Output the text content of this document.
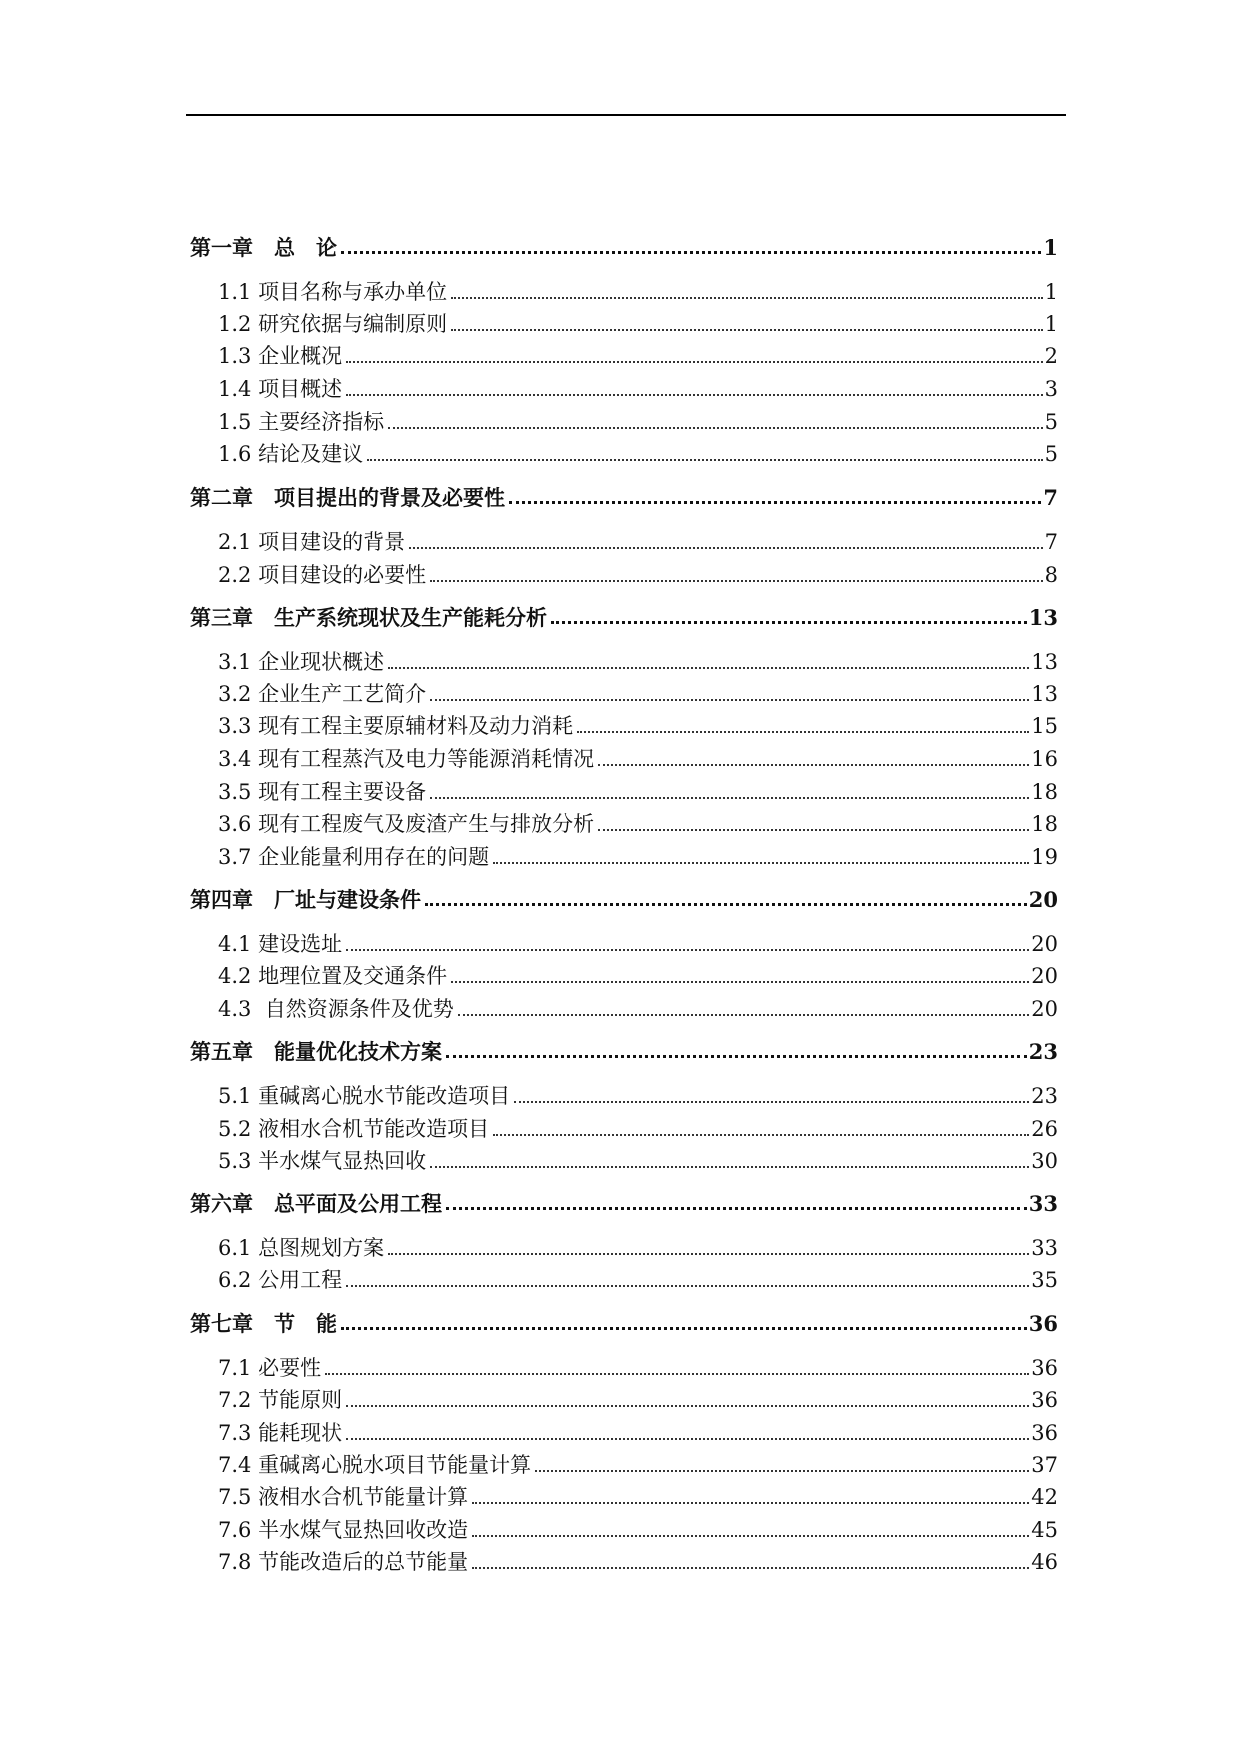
第一章　总　论	1
1.1 项目名称与承办单位	1
1.2 研究依据与编制原则	1
1.3 企业概况	2
1.4 项目概述	3
1.5 主要经济指标	5
1.6 结论及建议	5
第二章　项目提出的背景及必要性	7
2.1 项目建设的背景	7
2.2 项目建设的必要性	8
第三章　生产系统现状及生产能耗分析	13
3.1 企业现状概述	13
3.2 企业生产工艺简介	13
3.3 现有工程主要原辅材料及动力消耗	15
3.4 现有工程蒸汽及电力等能源消耗情况	16
3.5 现有工程主要设备	18
3.6 现有工程废气及废渣产生与排放分析	18
3.7 企业能量利用存在的问题	19
第四章　厂址与建设条件	20
4.1 建设选址	20
4.2 地理位置及交通条件	20
4.3  自然资源条件及优势	20
第五章　能量优化技术方案	23
5.1 重碱离心脱水节能改造项目	23
5.2 液相水合机节能改造项目	26
5.3 半水煤气显热回收	30
第六章　总平面及公用工程	33
6.1 总图规划方案	33
6.2 公用工程	35
第七章　节　能	36
7.1 必要性	36
7.2 节能原则	36
7.3 能耗现状	36
7.4 重碱离心脱水项目节能量计算	37
7.5 液相水合机节能量计算	42
7.6 半水煤气显热回收改造	45
7.8 节能改造后的总节能量	46
